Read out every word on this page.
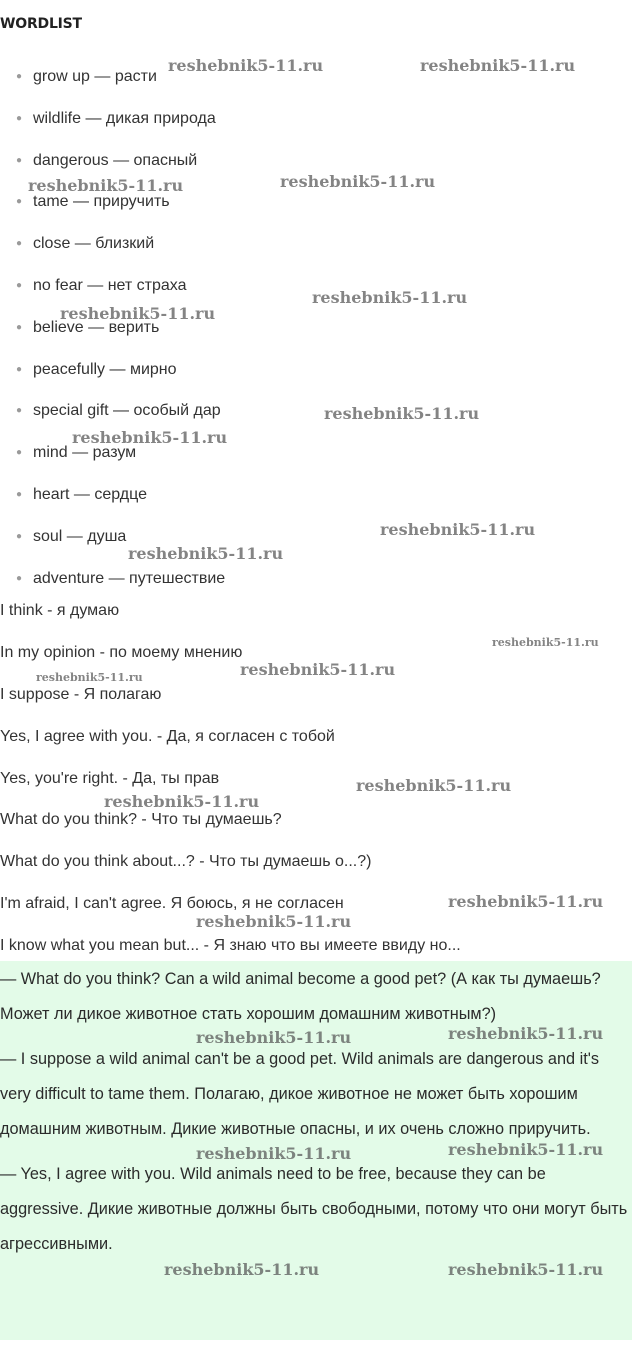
WORDLIST
● grow up — расти
● wildlife — дикая природа
● dangerous — опасный
● tame — приручить
● close — близкий
● no fear — нет страха
● believe — верить
● peacefully — мирно
● special gift — особый дар
● mind — разум
● heart — сердце
● soul — душа
● adventure — путешествие

I think - я думаю

In my opinion - по моему мнению

I suppose - Я полагаю

Yes, I agree with you. - Да, я согласен с тобой

Yes, you're right. - Да, ты прав

What do you think? - Что ты думаешь?

What do you think about...? - Что ты думаешь о...?)

I'm afraid, I can't agree. Я боюсь, я не согласен

I know what you mean but... - Я знаю что вы имеете ввиду но...

— What do you think? Can a wild animal become a good pet? (А как ты думаешь? Может ли дикое животное стать хорошим домашним животным?)

— I suppose a wild animal can't be a good pet. Wild animals are dangerous and it's very difficult to tame them. Полагаю, дикое животное не может быть хорошим домашним животным. Дикие животные опасны, и их очень сложно приручить.

— Yes, I agree with you. Wild animals need to be free, because they can be aggressive. Дикие животные должны быть свободными, потому что они могут быть агрессивными.

reshebnik5-11.ru	reshebnik5-11.ru
reshebnik5-11.ru	reshebnik5-11.ru
reshebnik5-11.ru
reshebnik5-11.ru
reshebnik5-11.ru
reshebnik5-11.ru
reshebnik5-11.ru
reshebnik5-11.ru
reshebnik5-11.ru
reshebnik5-11.ru
reshebnik5-11.ru
reshebnik5-11.ru
reshebnik5-11.ru
reshebnik5-11.ru
reshebnik5-11.ru
reshebnik5-11.ru	reshebnik5-11.ru
reshebnik5-11.ru	reshebnik5-11.ru
reshebnik5-11.ru	reshebnik5-11.ru
